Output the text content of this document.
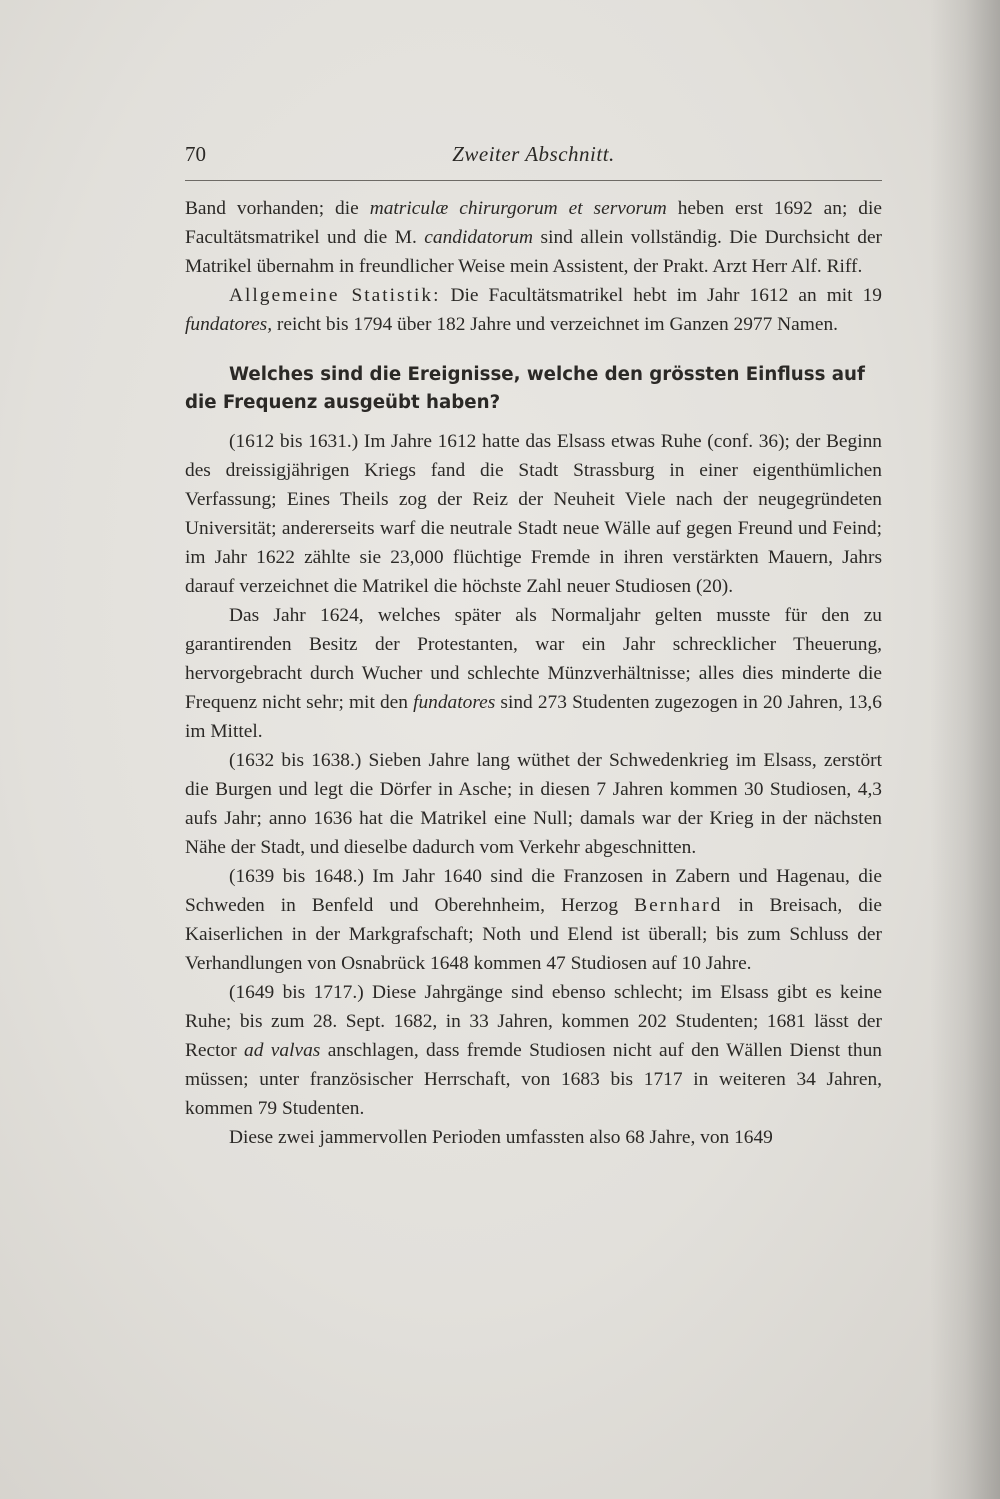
70	Zweiter Abschnitt.

Band vorhanden; die matriculæ chirurgorum et servorum heben erst 1692 an; die Facultätsmatrikel und die M. candidatorum sind allein vollständig. Die Durchsicht der Matrikel übernahm in freundlicher Weise mein Assistent, der Prakt. Arzt Herr Alf. Riff.

Allgemeine Statistik: Die Facultätsmatrikel hebt im Jahr 1612 an mit 19 fundatores, reicht bis 1794 über 182 Jahre und verzeichnet im Ganzen 2977 Namen.

Welches sind die Ereignisse, welche den grössten Einfluss auf die Frequenz ausgeübt haben?

(1612 bis 1631.) Im Jahre 1612 hatte das Elsass etwas Ruhe (conf. 36); der Beginn des dreissigjährigen Kriegs fand die Stadt Strassburg in einer eigenthümlichen Verfassung; Eines Theils zog der Reiz der Neuheit Viele nach der neugegründeten Universität; andererseits warf die neutrale Stadt neue Wälle auf gegen Freund und Feind; im Jahr 1622 zählte sie 23,000 flüchtige Fremde in ihren verstärkten Mauern, Jahrs darauf verzeichnet die Matrikel die höchste Zahl neuer Studiosen (20).

Das Jahr 1624, welches später als Normaljahr gelten musste für den zu garantirenden Besitz der Protestanten, war ein Jahr schrecklicher Theuerung, hervorgebracht durch Wucher und schlechte Münzverhältnisse; alles dies minderte die Frequenz nicht sehr; mit den fundatores sind 273 Studenten zugezogen in 20 Jahren, 13,6 im Mittel.

(1632 bis 1638.) Sieben Jahre lang wüthet der Schwedenkrieg im Elsass, zerstört die Burgen und legt die Dörfer in Asche; in diesen 7 Jahren kommen 30 Studiosen, 4,3 aufs Jahr; anno 1636 hat die Matrikel eine Null; damals war der Krieg in der nächsten Nähe der Stadt, und dieselbe dadurch vom Verkehr abgeschnitten.

(1639 bis 1648.) Im Jahr 1640 sind die Franzosen in Zabern und Hagenau, die Schweden in Benfeld und Oberehnheim, Herzog Bernhard in Breisach, die Kaiserlichen in der Markgrafschaft; Noth und Elend ist überall; bis zum Schluss der Verhandlungen von Osnabrück 1648 kommen 47 Studiosen auf 10 Jahre.

(1649 bis 1717.) Diese Jahrgänge sind ebenso schlecht; im Elsass gibt es keine Ruhe; bis zum 28. Sept. 1682, in 33 Jahren, kommen 202 Studenten; 1681 lässt der Rector ad valvas anschlagen, dass fremde Studiosen nicht auf den Wällen Dienst thun müssen; unter französischer Herrschaft, von 1683 bis 1717 in weiteren 34 Jahren, kommen 79 Studenten.

Diese zwei jammervollen Perioden umfassten also 68 Jahre, von 1649
